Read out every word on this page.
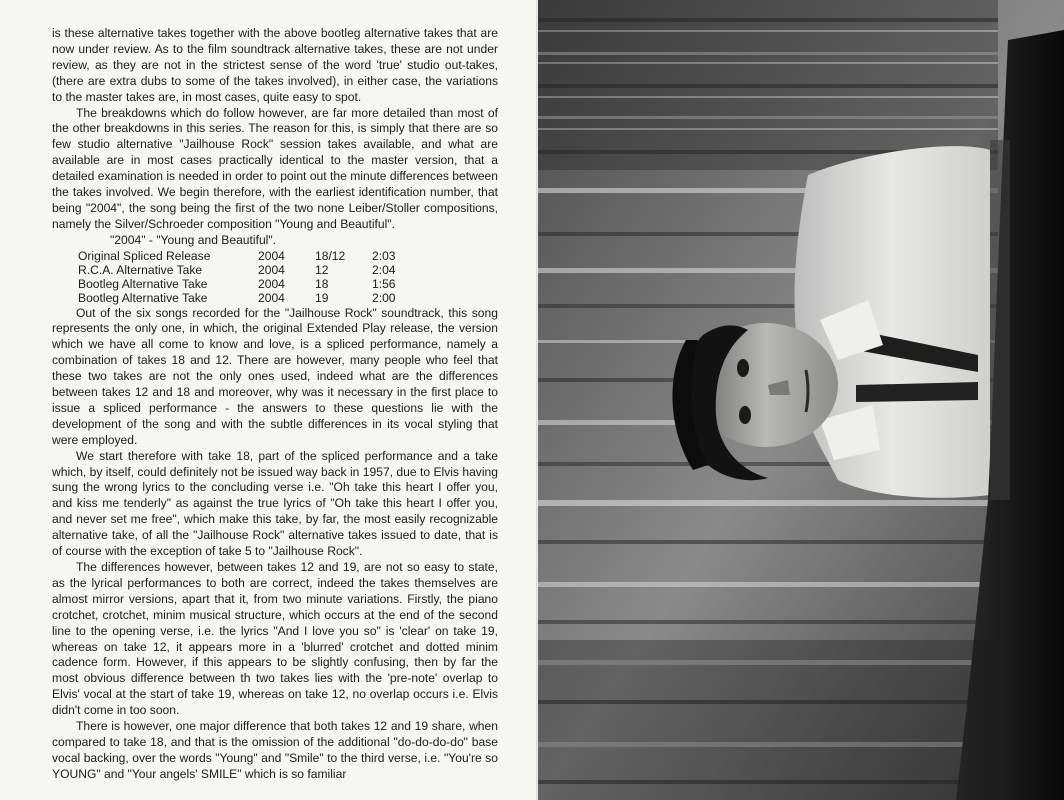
is these alternative takes together with the above bootleg alternative takes that are now under review. As to the film soundtrack alternative takes, these are not under review, as they are not in the strictest sense of the word 'true' studio out-takes, (there are extra dubs to some of the takes involved), in either case, the variations to the master takes are, in most cases, quite easy to spot.

The breakdowns which do follow however, are far more detailed than most of the other breakdowns in this series. The reason for this, is simply that there are so few studio alternative "Jailhouse Rock" session takes available, and what are available are in most cases practically identical to the master version, that a detailed examination is needed in order to point out the minute differences between the takes involved. We begin therefore, with the earliest identification number, that being "2004", the song being the first of the two none Leiber/Stoller compositions, namely the Silver/Schroeder composition "Young and Beautiful".

"2004" - "Young and Beautiful".

Original Spliced Release	2004	18/12	2:03
R.C.A. Alternative Take	2004	12	2:04
Bootleg Alternative Take	2004	18	1:56
Bootleg Alternative Take	2004	19	2:00

Out of the six songs recorded for the "Jailhouse Rock" soundtrack, this song represents the only one, in which, the original Extended Play release, the version which we have all come to know and love, is a spliced performance, namely a combination of takes 18 and 12. There are however, many people who feel that these two takes are not the only ones used, indeed what are the differences between takes 12 and 18 and moreover, why was it necessary in the first place to issue a spliced performance - the answers to these questions lie with the development of the song and with the subtle differences in its vocal styling that were employed.

We start therefore with take 18, part of the spliced performance and a take which, by itself, could definitely not be issued way back in 1957, due to Elvis having sung the wrong lyrics to the concluding verse i.e. "Oh take this heart I offer you, and kiss me tenderly" as against the true lyrics of "Oh take this heart I offer you, and never set me free", which make this take, by far, the most easily recognizable alternative take, of all the "Jailhouse Rock" alternative takes issued to date, that is of course with the exception of take 5 to "Jailhouse Rock".

The differences however, between takes 12 and 19, are not so easy to state, as the lyrical performances to both are correct, indeed the takes themselves are almost mirror versions, apart that it, from two minute variations. Firstly, the piano crotchet, crotchet, minim musical structure, which occurs at the end of the second line to the opening verse, i.e. the lyrics "And I love you so" is 'clear' on take 19, whereas on take 12, it appears more in a 'blurred' crotchet and dotted minim cadence form. However, if this appears to be slightly confusing, then by far the most obvious difference between th two takes lies with the 'pre-note' overlap to Elvis' vocal at the start of take 19, whereas on take 12, no overlap occurs i.e. Elvis didn't come in too soon.

There is however, one major difference that both takes 12 and 19 share, when compared to take 18, and that is the omission of the additional "do-do-do-do" base vocal backing, over the words "Young" and "Smile" to the third verse, i.e. "You're so YOUNG" and "Your angels' SMILE" which is so familiar
